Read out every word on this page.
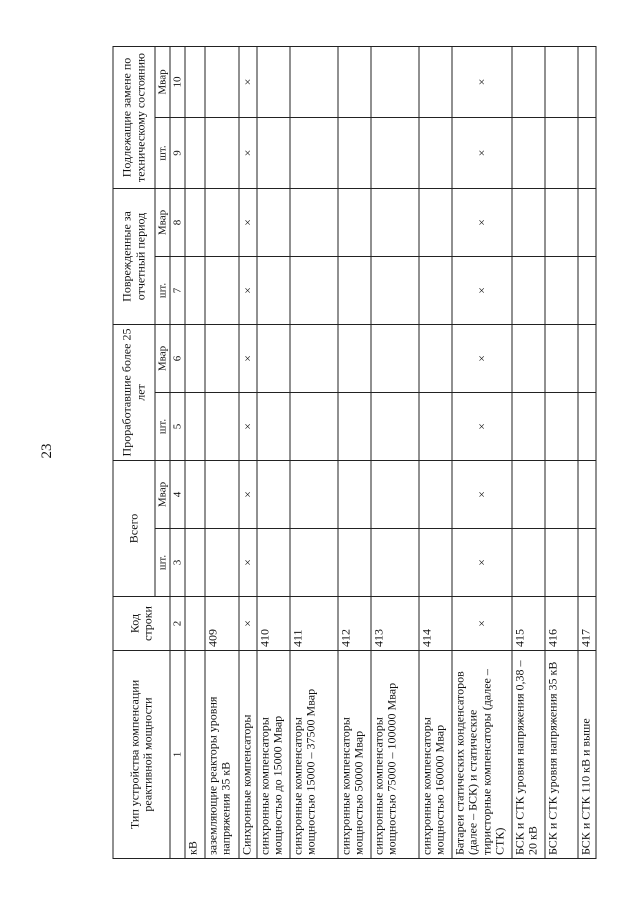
23
Тип устройства компенсации реактивной мощности	Код строки	Всего		Проработавшие более 25 лет		Поврежденные за отчетный период		Подлежащие замене по техническому состоянию	
		шт.	Мвар	шт.	Мвар	шт.	Мвар	шт.	Мвар
1	2	3	4	5	6	7	8	9	10
кВ									
заземляющие реакторы уровня напряжения 35 кВ	409								
Синхронные компенсаторы	×	×	×	×	×	×	×	×	×
синхронные компенсаторы мощностью до 15000 Мвар	410								
синхронные компенсаторы мощностью 15000 – 37500 Мвар	411								
синхронные компенсаторы мощностью 50000 Мвар	412								
синхронные компенсаторы мощностью 75000 – 100000 Мвар	413								
синхронные компенсаторы мощностью 160000 Мвар	414								
Батареи статических конденсаторов (далее – БСК) и статические тиристорные компенсаторы (далее – СТК)	×	×	×	×	×	×	×	×	×
БСК и СТК уровня напряжения 0,38 – 20 кВ	415								
БСК и СТК уровня напряжения 35 кВ	416								
БСК и СТК 110 кВ и выше	417								
